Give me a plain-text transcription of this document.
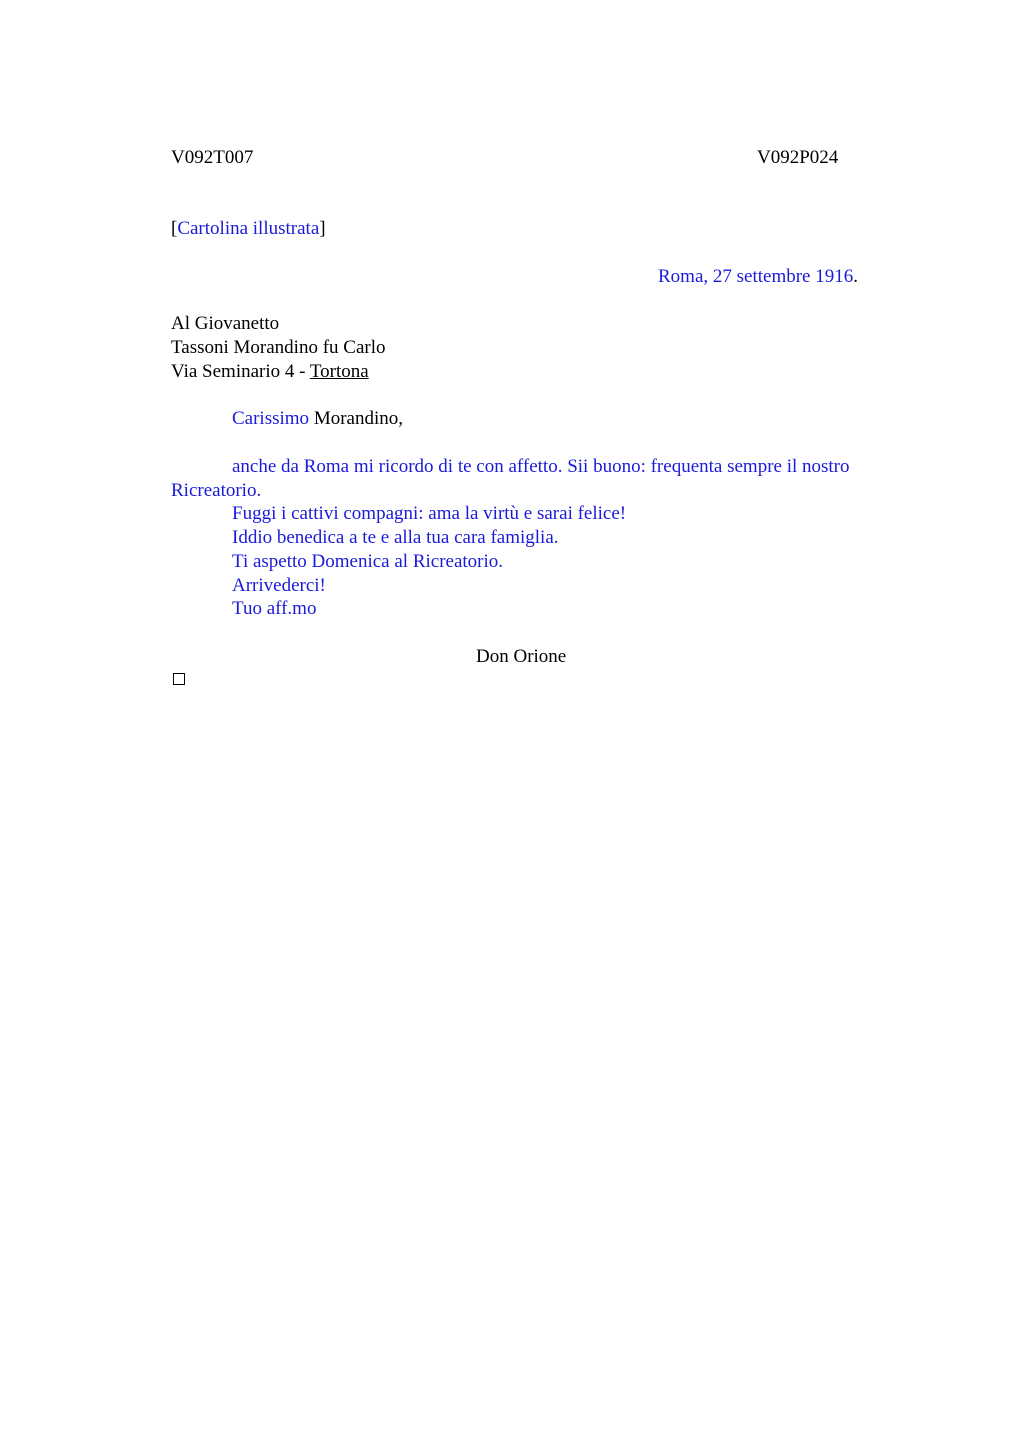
V092T007	V092P024
[Cartolina illustrata]
Roma, 27 settembre 1916.
Al Giovanetto
Tassoni Morandino fu Carlo
Via Seminario 4 - Tortona
Carissimo Morandino,
anche da Roma mi ricordo di te con affetto. Sii buono: frequenta sempre il nostro
Ricreatorio.
Fuggi i cattivi compagni: ama la virtù e sarai felice!
Iddio benedica a te e alla tua cara famiglia.
Ti aspetto Domenica al Ricreatorio.
Arrivederci!
Tuo aff.mo
Don Orione
